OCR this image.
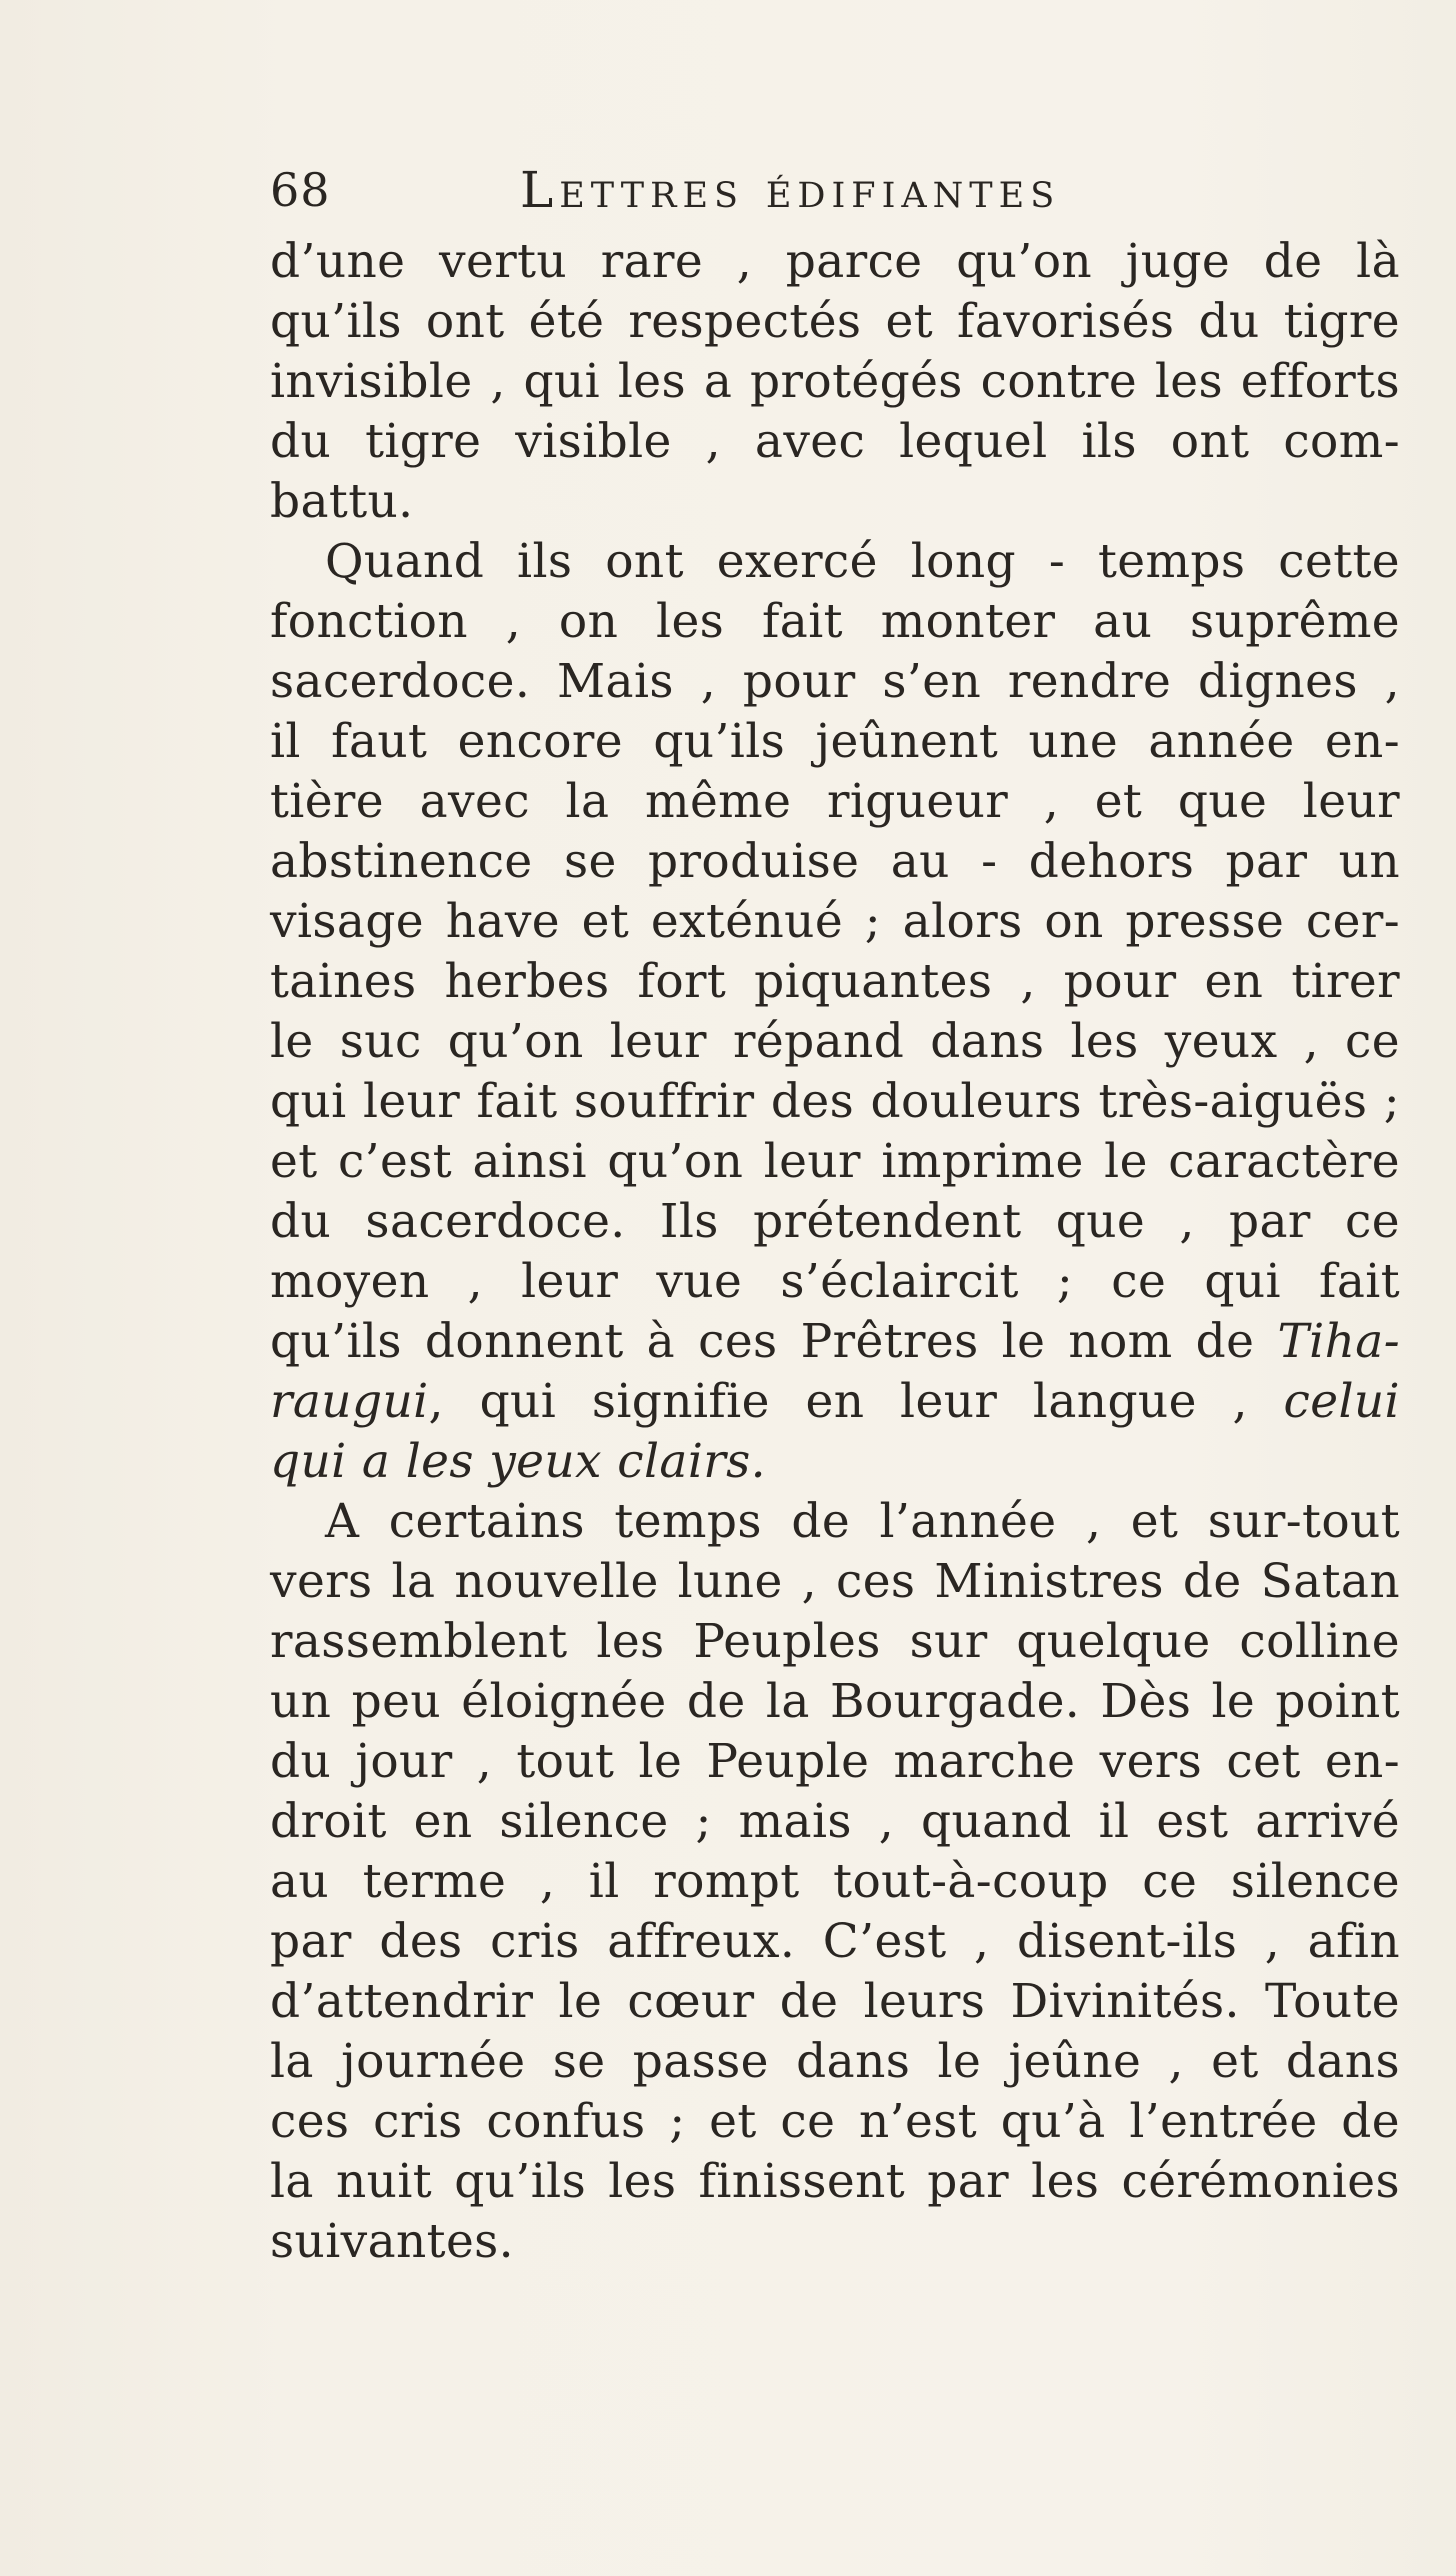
68	Lettres édifiantes
d’une vertu rare , parce qu’on juge de là
qu’ils ont été respectés et favorisés du tigre
invisible , qui les a protégés contre les efforts
du tigre visible , avec lequel ils ont com-
battu.
Quand ils ont exercé long - temps cette
fonction , on les fait monter au suprême
sacerdoce. Mais , pour s’en rendre dignes ,
il faut encore qu’ils jeûnent une année en-
tière avec la même rigueur , et que leur
abstinence se produise au - dehors par un
visage have et exténué ; alors on presse cer-
taines herbes fort piquantes , pour en tirer
le suc qu’on leur répand dans les yeux , ce
qui leur fait souffrir des douleurs très-aiguës ;
et c’est ainsi qu’on leur imprime le caractère
du sacerdoce. Ils prétendent que , par ce
moyen , leur vue s’éclaircit ; ce qui fait
qu’ils donnent à ces Prêtres le nom de Tiha-
raugui, qui signifie en leur langue , celui
qui a les yeux clairs.
A certains temps de l’année , et sur-tout
vers la nouvelle lune , ces Ministres de Satan
rassemblent les Peuples sur quelque colline
un peu éloignée de la Bourgade. Dès le point
du jour , tout le Peuple marche vers cet en-
droit en silence ; mais , quand il est arrivé
au terme , il rompt tout-à-coup ce silence
par des cris affreux. C’est , disent-ils , afin
d’attendrir le cœur de leurs Divinités. Toute
la journée se passe dans le jeûne , et dans
ces cris confus ; et ce n’est qu’à l’entrée de
la nuit qu’ils les finissent par les cérémonies
suivantes.
